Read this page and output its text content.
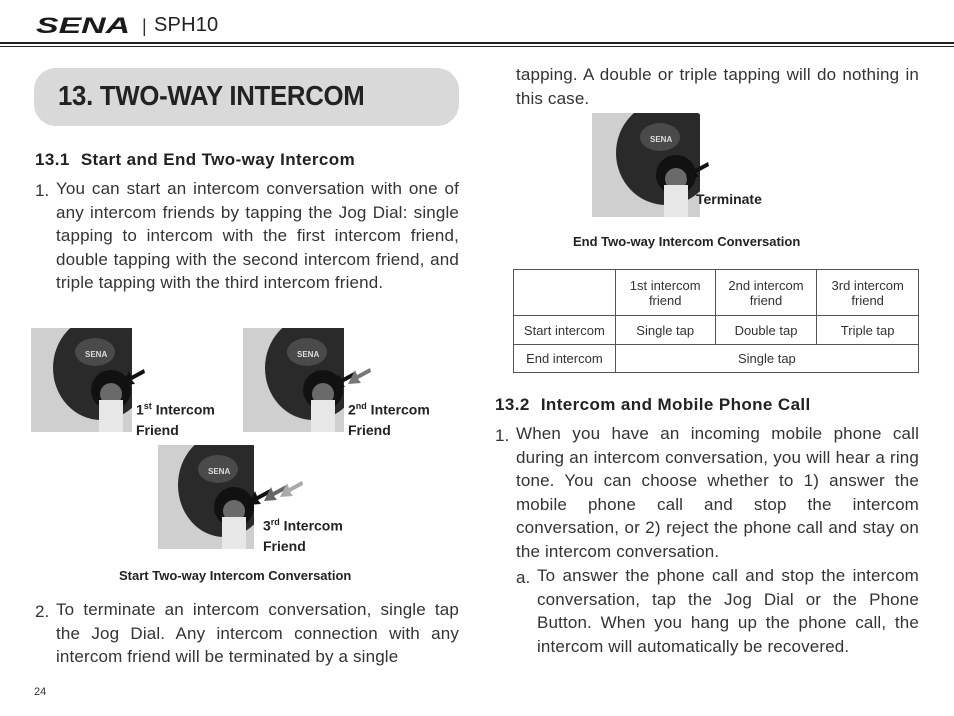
SENA | SPH10
13. TWO-WAY INTERCOM
13.1 Start and End Two-way Intercom
1. You can start an intercom conversation with one of any intercom friends by tapping the Jog Dial: single tapping to intercom with the first intercom friend, double tapping with the second intercom friend, and triple tapping with the third intercom friend.
SENA
1st Intercom
Friend
SENA
2nd Intercom
Friend
SENA
3rd Intercom
Friend
Start Two-way Intercom Conversation
2. To terminate an intercom conversation, single tap the Jog Dial. Any intercom connection with any intercom friend will be terminated by a single
tapping. A double or triple tapping will do nothing in this case.
SENA
Terminate
End Two-way Intercom Conversation
	1st intercom friend	2nd intercom friend	3rd intercom friend
Start intercom	Single tap	Double tap	Triple tap
End intercom	Single tap		
13.2 Intercom and Mobile Phone Call
1. When you have an incoming mobile phone call during an intercom conversation, you will hear a ring tone. You can choose whether to 1) answer the mobile phone call and stop the intercom conversation, or 2) reject the phone call and stay on the intercom conversation.
a. To answer the phone call and stop the intercom conversation, tap the Jog Dial or the Phone Button. When you hang up the phone call, the intercom will automatically be recovered.
24
